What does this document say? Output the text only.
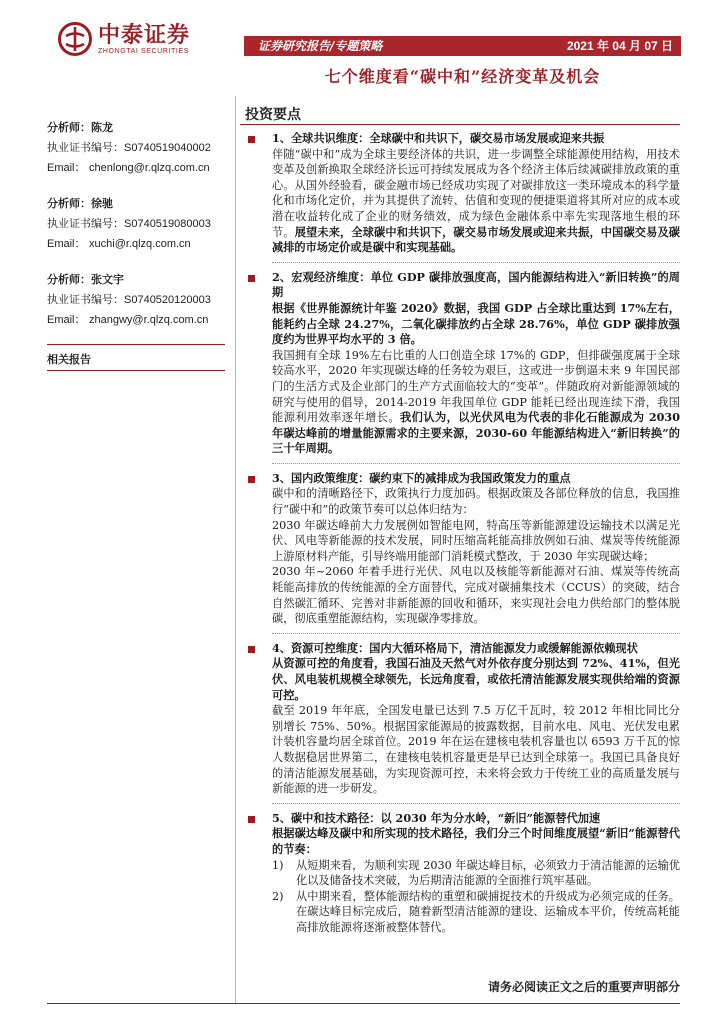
中泰证券
ZHONGTAI SECURITIES	证券研究报告/专题策略	2021 年 04 月 07 日
七个维度看“碳中和”经济变革及机会
分析师：陈龙
执业证书编号：S0740519040002
Email： chenlong@r.qlzq.com.cn
分析师：徐驰
执业证书编号：S0740519080003
Email： xuchi@r.qlzq.com.cn
分析师：张文宇
执业证书编号：S0740520120003
Email： zhangwy@r.qlzq.com.cn
相关报告
投资要点

1、全球共识维度：全球碳中和共识下，碳交易市场发展或迎来共振

伴随“碳中和”成为全球主要经济体的共识，进一步调整全球能源使用结构，用技术变革及创新换取全球经济长远可持续发展成为各个经济主体后续减碳排放政策的重心。从国外经验看，碳金融市场已经成功实现了对碳排放这一类环境成本的科学量化和市场化定价，并为其提供了流转、估值和变现的便捷渠道将其所对应的成本或潜在收益转化成了企业的财务绩效，成为绿色金融体系中率先实现落地生根的环节。展望未来，全球碳中和共识下，碳交易市场发展或迎来共振，中国碳交易及碳减排的市场定价或是碳中和实现基础。

2、宏观经济维度：单位 GDP 碳排放强度高，国内能源结构进入“新旧转换”的周期

根据《世界能源统计年鉴 2020》数据，我国 GDP 占全球比重达到 17%左右，能耗约占全球 24.27%，二氧化碳排放约占全球 28.76%，单位 GDP 碳排放强度约为世界平均水平的 3 倍。

我国拥有全球 19%左右比重的人口创造全球 17%的 GDP，但排碳强度属于全球较高水平，2020 年实现碳达峰的任务较为艰巨，这或进一步倒逼未来 9 年国民部门的生活方式及企业部门的生产方式面临较大的“变革”。伴随政府对新能源领域的研究与使用的倡导，2014-2019 年我国单位 GDP 能耗已经出现连续下滑，我国能源利用效率逐年增长。我们认为，以光伏风电为代表的非化石能源成为 2030 年碳达峰前的增量能源需求的主要来源，2030-60 年能源结构进入“新旧转换”的三十年周期。

3、国内政策维度：碳约束下的减排成为我国政策发力的重点

碳中和的清晰路径下，政策执行力度加码。根据政策及各部位释放的信息，我国推行“碳中和”的政策节奏可以总体归结为：

2030 年碳达峰前大力发展例如智能电网，特高压等新能源建设运输技术以满足光伏、风电等新能源的技术发展，同时压缩高耗能高排放例如石油、煤炭等传统能源上游原材料产能，引导终端用能部门消耗模式整改，于 2030 年实现碳达峰；

2030 年~2060 年着手进行光伏、风电以及核能等新能源对石油、煤炭等传统高耗能高排放的传统能源的全方面替代，完成对碳捕集技术（CCUS）的突破，结合自然碳汇循环、完善对非新能源的回收和循环，来实现社会电力供给部门的整体脱碳，彻底重塑能源结构，实现碳净零排放。

4、资源可控维度：国内大循环格局下，清洁能源发力或缓解能源依赖现状

从资源可控的角度看，我国石油及天然气对外依存度分别达到 72%、41%，但光伏、风电装机规模全球领先，长远角度看，或依托清洁能源发展实现供给端的资源可控。

截至 2019 年年底，全国发电量已达到 7.5 万亿千瓦时，较 2012 年相比同比分别增长 75%、50%。根据国家能源局的披露数据，目前水电、风电、光伏发电累计装机容量均居全球首位。2019 年在运在建核电装机容量也以 6593 万千瓦的惊人数据稳居世界第二，在建核电装机容量更是早已达到全球第一。我国已具备良好的清洁能源发展基础，为实现资源可控，未来将会致力于传统工业的高质量发展与新能源的进一步研发。

5、碳中和技术路径：以 2030 年为分水岭，“新旧”能源替代加速

根据碳达峰及碳中和所实现的技术路径，我们分三个时间维度展望“新旧”能源替代的节奏：

1) 从短期来看，为顺利实现 2030 年碳达峰目标，必须致力于清洁能源的运输优化以及储备技术突破，为后期清洁能源的全面推行筑牢基础。

2) 从中期来看，整体能源结构的重塑和碳捕捉技术的升级成为必须完成的任务。在碳达峰目标完成后，随着新型清洁能源的建设、运输成本平价，传统高耗能高排放能源将逐渐被整体替代。

请务必阅读正文之后的重要声明部分
